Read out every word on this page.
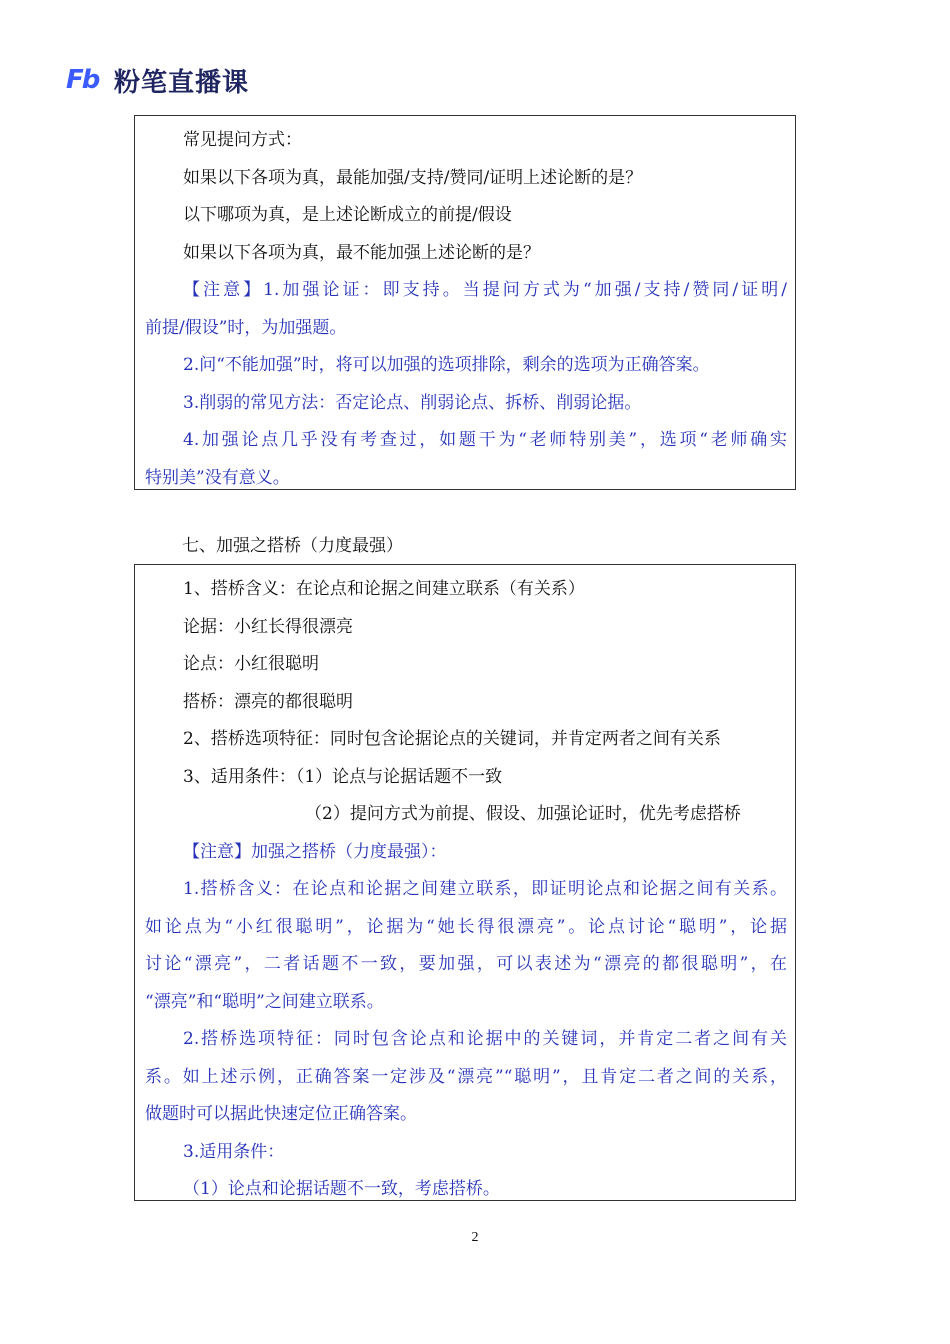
Fb 粉笔直播课

常见提问方式：

如果以下各项为真，最能加强/支持/赞同/证明上述论断的是？

以下哪项为真，是上述论断成立的前提/假设

如果以下各项为真，最不能加强上述论断的是？

【注意】1.加强论证：即支持。当提问方式为“加强/支持/赞同/证明/

前提/假设”时，为加强题。

2.问“不能加强”时，将可以加强的选项排除，剩余的选项为正确答案。

3.削弱的常见方法：否定论点、削弱论点、拆桥、削弱论据。

4.加强论点几乎没有考查过，如题干为“老师特别美”，选项“老师确实

特别美”没有意义。

七、加强之搭桥（力度最强）

1、搭桥含义：在论点和论据之间建立联系（有关系）

论据：小红长得很漂亮

论点：小红很聪明

搭桥：漂亮的都很聪明

2、搭桥选项特征：同时包含论据论点的关键词，并肯定两者之间有关系

3、适用条件：（1）论点与论据话题不一致

（2）提问方式为前提、假设、加强论证时，优先考虑搭桥

【注意】加强之搭桥（力度最强）：

1.搭桥含义：在论点和论据之间建立联系，即证明论点和论据之间有关系。

如论点为“小红很聪明”，论据为“她长得很漂亮”。论点讨论“聪明”，论据

讨论“漂亮”，二者话题不一致，要加强，可以表述为“漂亮的都很聪明”，在

“漂亮”和“聪明”之间建立联系。

2.搭桥选项特征：同时包含论点和论据中的关键词，并肯定二者之间有关

系。如上述示例，正确答案一定涉及“漂亮”“聪明”，且肯定二者之间的关系，

做题时可以据此快速定位正确答案。

3.适用条件：

（1）论点和论据话题不一致，考虑搭桥。

2
